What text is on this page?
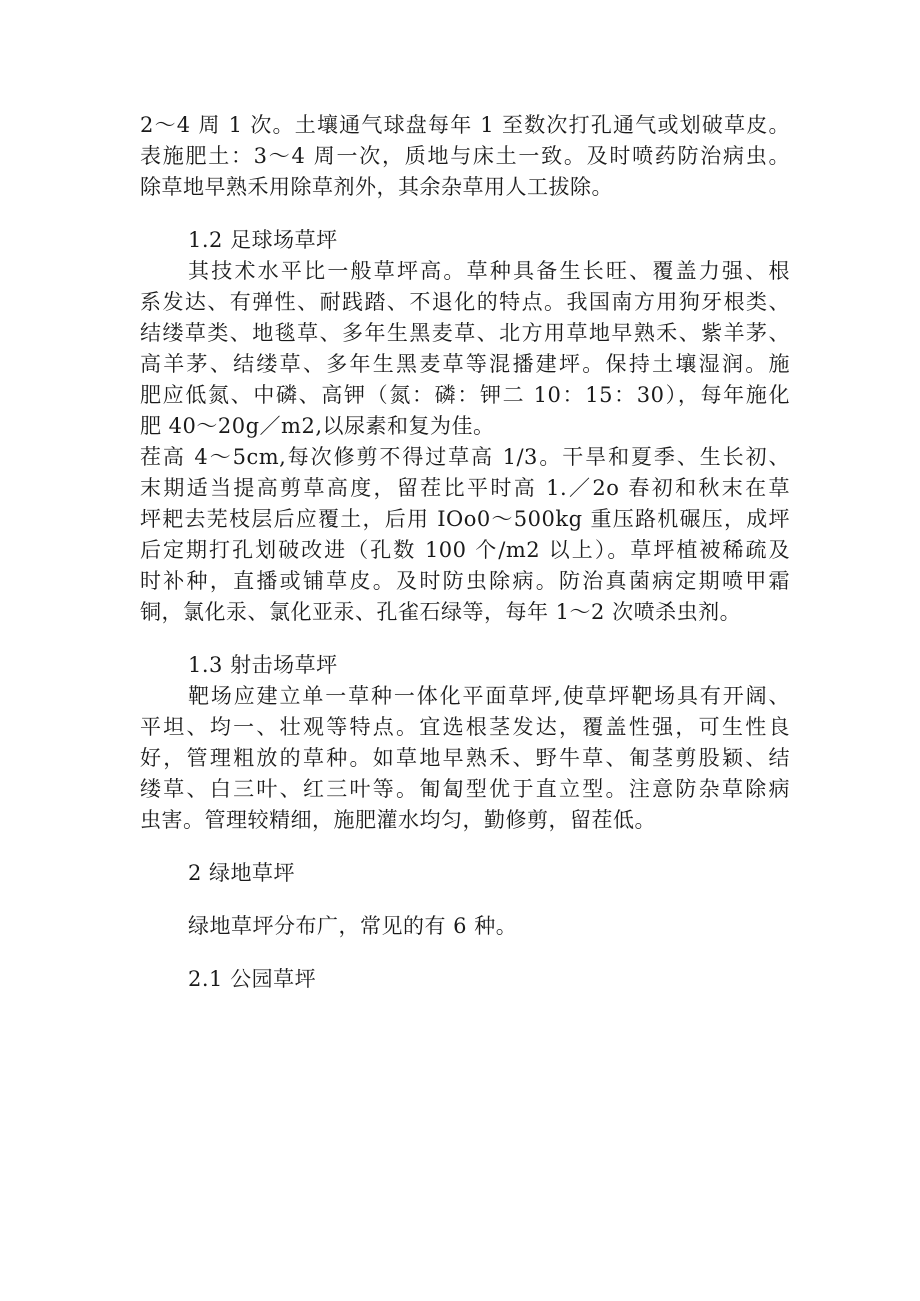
2～4 周 1 次。土壤通气球盘每年 1 至数次打孔通气或划破草皮。
表施肥土：3～4 周一次，质地与床土一致。及时喷药防治病虫。
除草地早熟禾用除草剂外，其余杂草用人工拔除。
1.2 足球场草坪
其技术水平比一般草坪高。草种具备生长旺、覆盖力强、根
系发达、有弹性、耐践踏、不退化的特点。我国南方用狗牙根类、
结缕草类、地毯草、多年生黑麦草、北方用草地早熟禾、紫羊茅、
高羊茅、结缕草、多年生黑麦草等混播建坪。保持土壤湿润。施
肥应低氮、中磷、高钾（氮：磷：钾二 10：15：30），每年施化
肥 40～20g／m2,以尿素和复为佳。
茬高 4～5cm,每次修剪不得过草高 1/3。干旱和夏季、生长初、
末期适当提高剪草高度，留茬比平时高 1.／2o 春初和秋末在草
坪耙去芜枝层后应覆土，后用 IOo0～500kg 重压路机碾压，成坪
后定期打孔划破改进（孔数 100 个/m2 以上）。草坪植被稀疏及
时补种，直播或铺草皮。及时防虫除病。防治真菌病定期喷甲霜
铜，氯化汞、氯化亚汞、孔雀石绿等，每年 1～2 次喷杀虫剂。
1.3 射击场草坪
靶场应建立单一草种一体化平面草坪,使草坪靶场具有开阔、
平坦、均一、壮观等特点。宜选根茎发达，覆盖性强，可生性良
好，管理粗放的草种。如草地早熟禾、野牛草、匍茎剪股颖、结
缕草、白三叶、红三叶等。匍匐型优于直立型。注意防杂草除病
虫害。管理较精细，施肥灌水均匀，勤修剪，留茬低。
2 绿地草坪
绿地草坪分布广，常见的有 6 种。
2.1 公园草坪
